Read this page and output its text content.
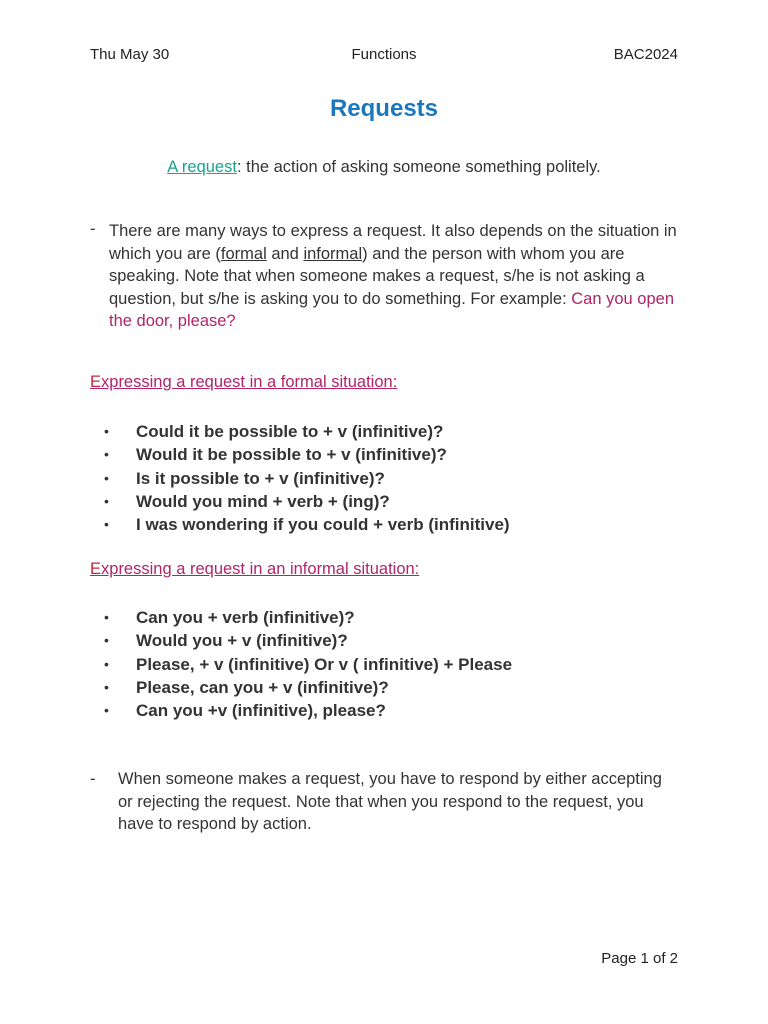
Thu May 30	Functions	BAC2024
Requests
A request: the action of asking someone something politely.
- There are many ways to express a request. It also depends on the situation in which you are (formal and informal) and the person with whom you are speaking. Note that when someone makes a request, s/he is not asking a question, but s/he is asking you to do something. For example: Can you open the door, please?
Expressing a request in a formal situation:
• Could it be possible to + v (infinitive)?
• Would it be possible to + v (infinitive)?
• Is it possible to + v (infinitive)?
• Would you mind + verb + (ing)?
• I was wondering if you could + verb (infinitive)
Expressing a request in an informal situation:
• Can you + verb (infinitive)?
• Would you + v (infinitive)?
• Please, + v (infinitive) Or v ( infinitive) + Please
• Please, can you + v (infinitive)?
• Can you +v (infinitive), please?
- When someone makes a request, you have to respond by either accepting or rejecting the request. Note that when you respond to the request, you have to respond by action.
Page 1 of 2
